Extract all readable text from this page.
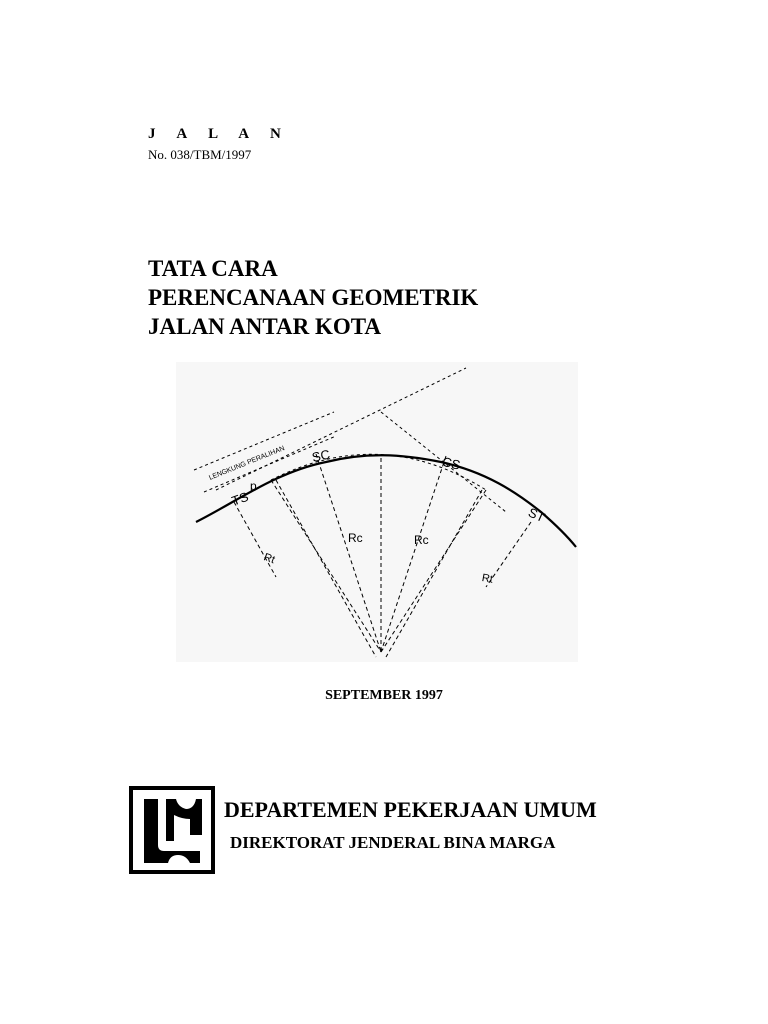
J A L A N
No. 038/TBM/1997
TATA CARA
PERENCANAAN GEOMETRIK
JALAN ANTAR KOTA
LENGKUNG PERALIHAN
TS
p
SC	CS
ST
Rc	Rc
Rt
Rt
SEPTEMBER 1997
DEPARTEMEN PEKERJAAN UMUM
DIREKTORAT JENDERAL BINA MARGA
